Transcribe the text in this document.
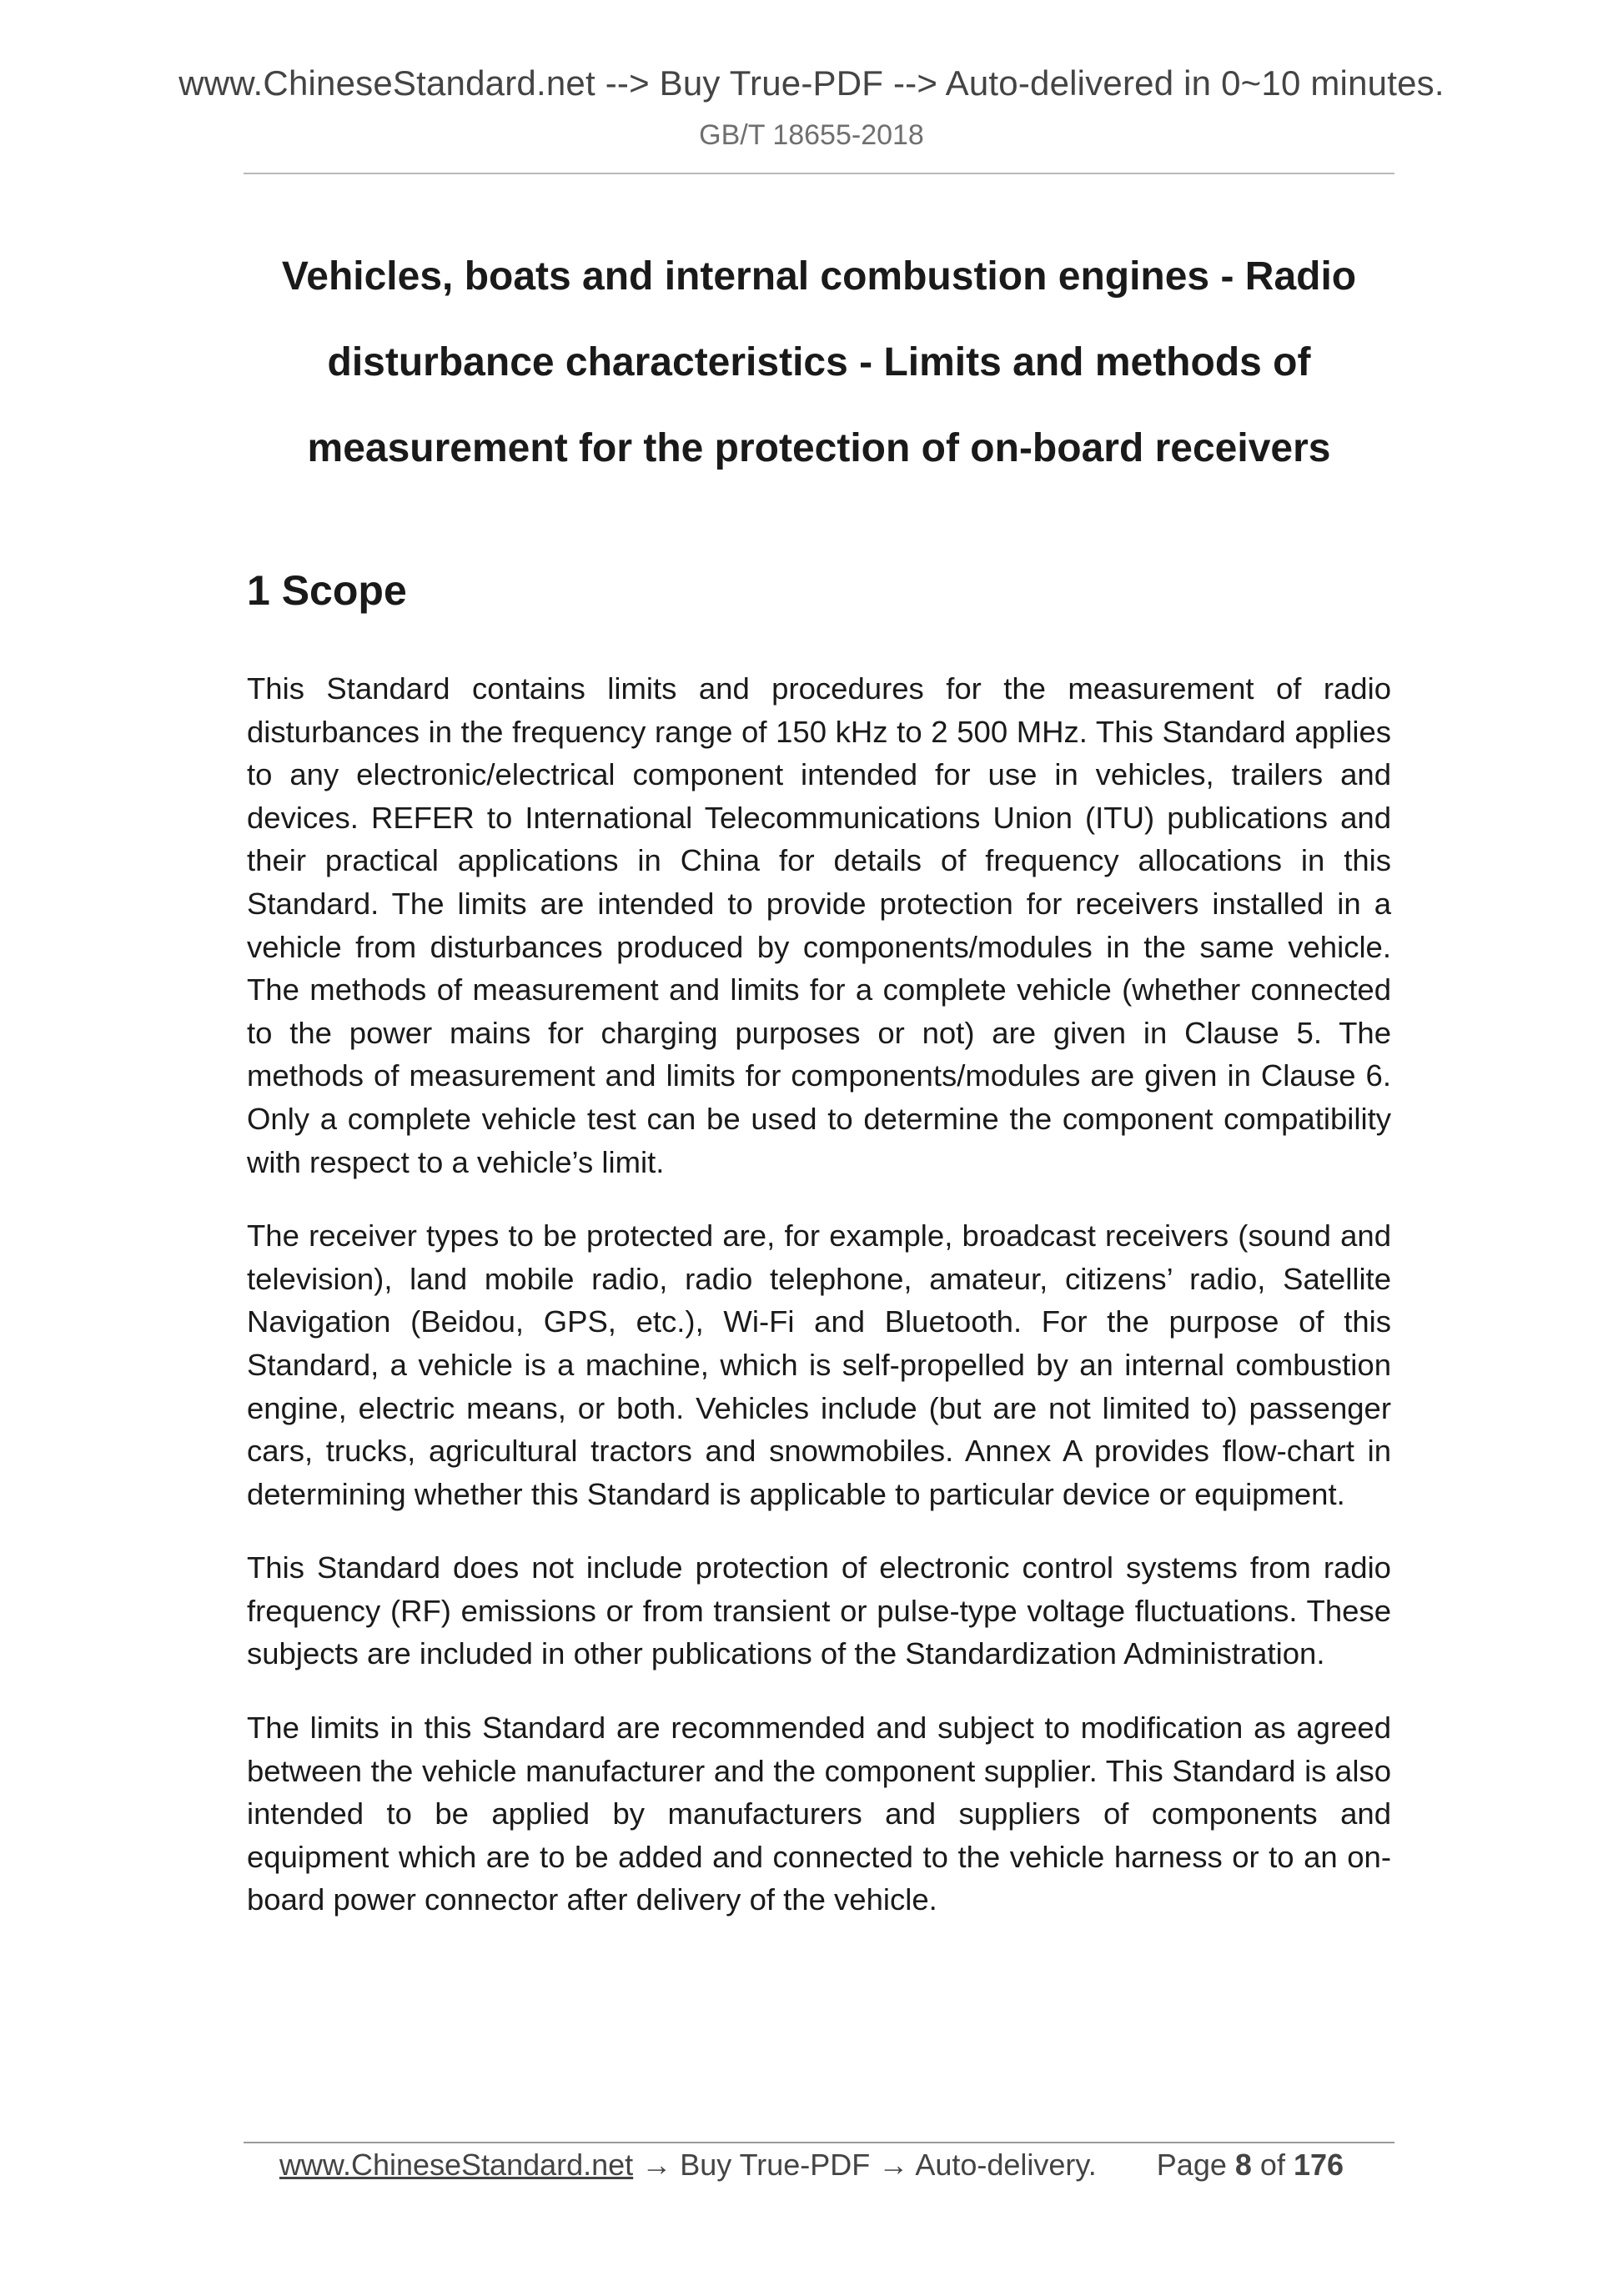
www.ChineseStandard.net --> Buy True-PDF --> Auto-delivered in 0~10 minutes.
GB/T 18655-2018
Vehicles, boats and internal combustion engines - Radio disturbance characteristics - Limits and methods of measurement for the protection of on-board receivers
1 Scope

This Standard contains limits and procedures for the measurement of radio disturbances in the frequency range of 150 kHz to 2 500 MHz. This Standard applies to any electronic/electrical component intended for use in vehicles, trailers and devices. REFER to International Telecommunications Union (ITU) publications and their practical applications in China for details of frequency allocations in this Standard. The limits are intended to provide protection for receivers installed in a vehicle from disturbances produced by components/modules in the same vehicle. The methods of measurement and limits for a complete vehicle (whether connected to the power mains for charging purposes or not) are given in Clause 5. The methods of measurement and limits for components/modules are given in Clause 6. Only a complete vehicle test can be used to determine the component compatibility with respect to a vehicle’s limit.

The receiver types to be protected are, for example, broadcast receivers (sound and television), land mobile radio, radio telephone, amateur, citizens’ radio, Satellite Navigation (Beidou, GPS, etc.), Wi-Fi and Bluetooth. For the purpose of this Standard, a vehicle is a machine, which is self-propelled by an internal combustion engine, electric means, or both. Vehicles include (but are not limited to) passenger cars, trucks, agricultural tractors and snowmobiles. Annex A provides flow-chart in determining whether this Standard is applicable to particular device or equipment.

This Standard does not include protection of electronic control systems from radio frequency (RF) emissions or from transient or pulse-type voltage fluctuations. These subjects are included in other publications of the Standardization Administration.

The limits in this Standard are recommended and subject to modification as agreed between the vehicle manufacturer and the component supplier. This Standard is also intended to be applied by manufacturers and suppliers of components and equipment which are to be added and connected to the vehicle harness or to an on-board power connector after delivery of the vehicle.

www.ChineseStandard.net → Buy True-PDF → Auto-delivery. Page 8 of 176
